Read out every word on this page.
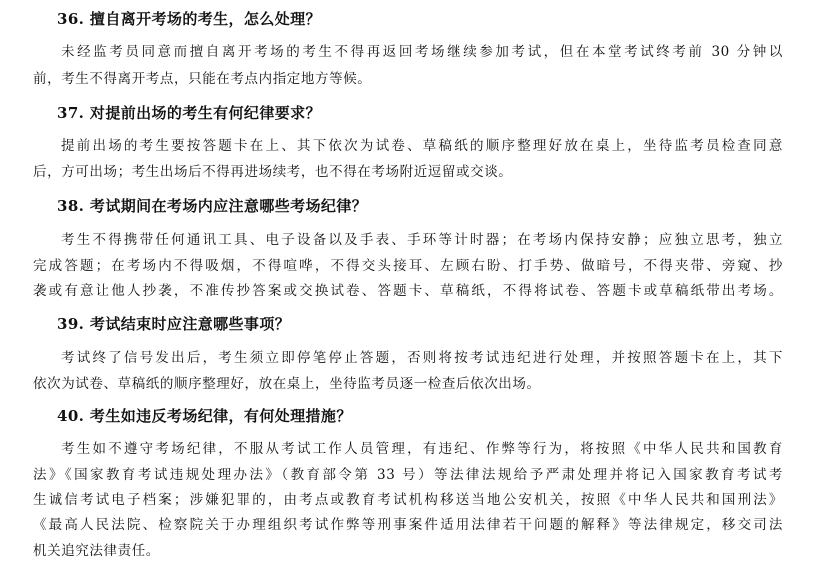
36. 擅自离开考场的考生，怎么处理？
未经监考员同意而擅自离开考场的考生不得再返回考场继续参加考试，但在本堂考试终考前 30 分钟以
前，考生不得离开考点，只能在考点内指定地方等候。
37. 对提前出场的考生有何纪律要求？
提前出场的考生要按答题卡在上、其下依次为试卷、草稿纸的顺序整理好放在桌上，坐待监考员检查同意
后，方可出场；考生出场后不得再进场续考，也不得在考场附近逗留或交谈。
38. 考试期间在考场内应注意哪些考场纪律？
考生不得携带任何通讯工具、电子设备以及手表、手环等计时器；在考场内保持安静；应独立思考，独立
完成答题；在考场内不得吸烟，不得喧哗，不得交头接耳、左顾右盼、打手势、做暗号，不得夹带、旁窥、抄
袭或有意让他人抄袭，不准传抄答案或交换试卷、答题卡、草稿纸，不得将试卷、答题卡或草稿纸带出考场。
39. 考试结束时应注意哪些事项？
考试终了信号发出后，考生须立即停笔停止答题，否则将按考试违纪进行处理，并按照答题卡在上，其下
依次为试卷、草稿纸的顺序整理好，放在桌上，坐待监考员逐一检查后依次出场。
40. 考生如违反考场纪律，有何处理措施？
考生如不遵守考场纪律，不服从考试工作人员管理，有违纪、作弊等行为，将按照《中华人民共和国教育
法》《国家教育考试违规处理办法》（教育部令第 33 号）等法律法规给予严肃处理并将记入国家教育考试考
生诚信考试电子档案；涉嫌犯罪的，由考点或教育考试机构移送当地公安机关，按照《中华人民共和国刑法》
《最高人民法院、检察院关于办理组织考试作弊等刑事案件适用法律若干问题的解释》等法律规定，移交司法
机关追究法律责任。
